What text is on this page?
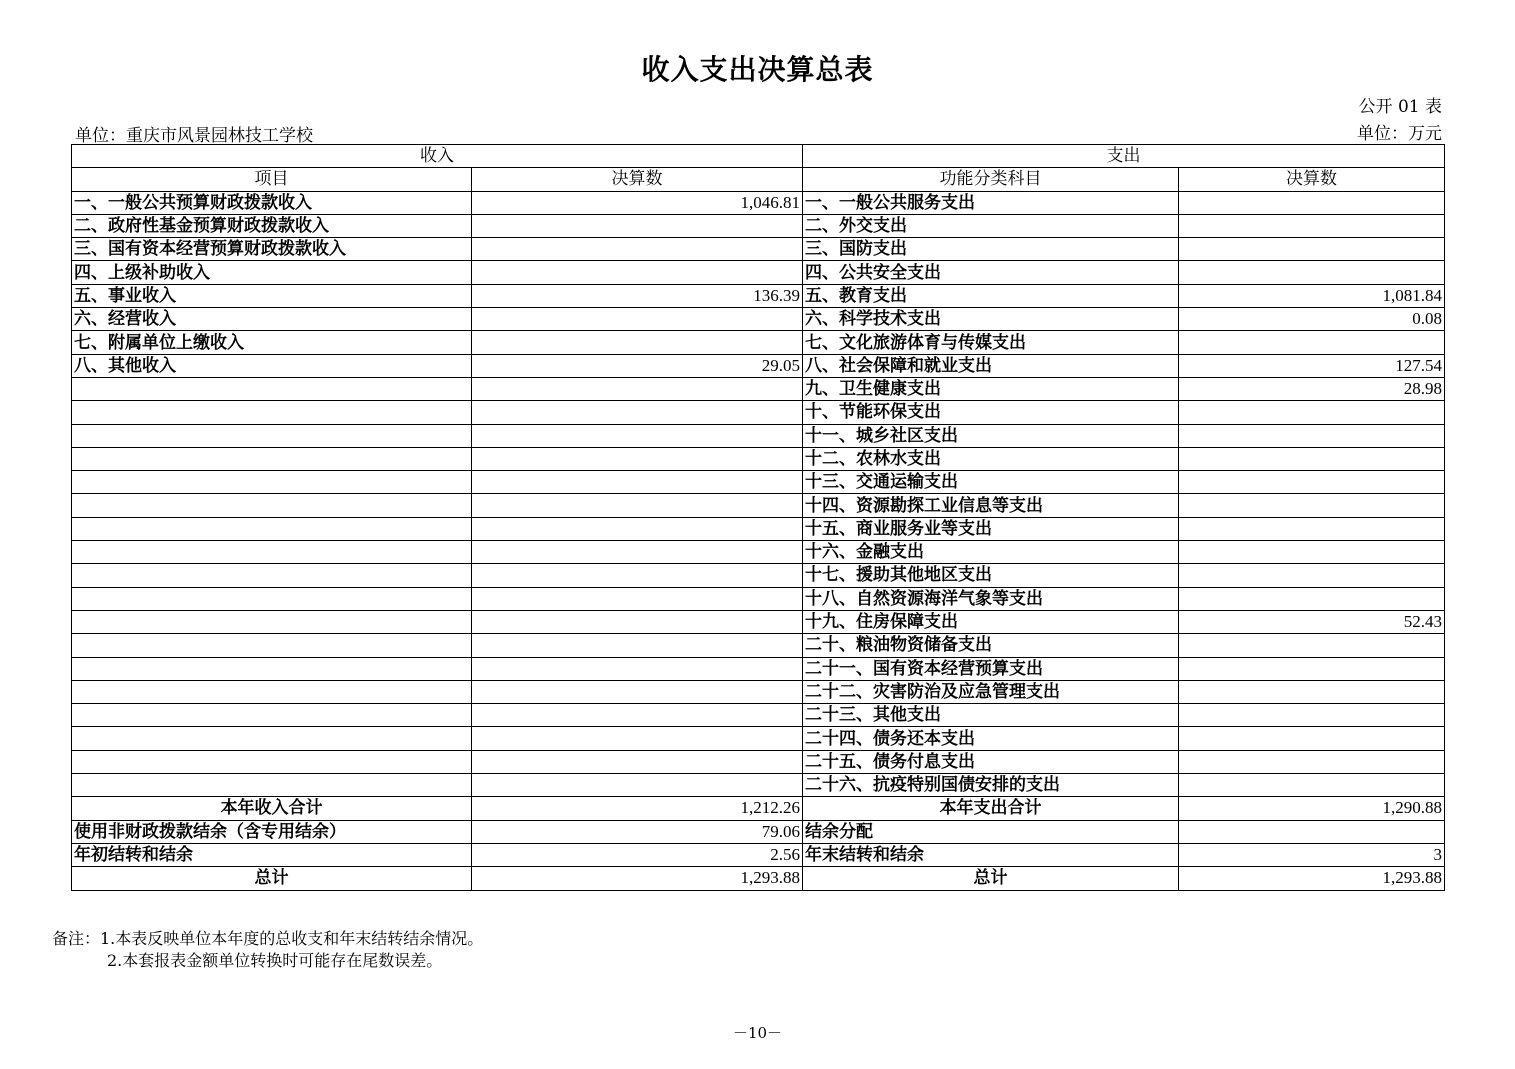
收入支出决算总表
公开 01 表
单位：重庆市风景园林技工学校	单位：万元
收入		支出	
项目	决算数	功能分类科目	决算数
一、一般公共预算财政拨款收入	1,046.81	一、一般公共服务支出	
二、政府性基金预算财政拨款收入		二、外交支出	
三、国有资本经营预算财政拨款收入		三、国防支出	
四、上级补助收入		四、公共安全支出	
五、事业收入	136.39	五、教育支出	1,081.84
六、经营收入		六、科学技术支出	0.08
七、附属单位上缴收入		七、文化旅游体育与传媒支出	
八、其他收入	29.05	八、社会保障和就业支出	127.54
		九、卫生健康支出	28.98
		十、节能环保支出	
		十一、城乡社区支出	
		十二、农林水支出	
		十三、交通运输支出	
		十四、资源勘探工业信息等支出	
		十五、商业服务业等支出	
		十六、金融支出	
		十七、援助其他地区支出	
		十八、自然资源海洋气象等支出	
		十九、住房保障支出	52.43
		二十、粮油物资储备支出	
		二十一、国有资本经营预算支出	
		二十二、灾害防治及应急管理支出	
		二十三、其他支出	
		二十四、债务还本支出	
		二十五、债务付息支出	
		二十六、抗疫特别国债安排的支出	
本年收入合计	1,212.26	本年支出合计	1,290.88
使用非财政拨款结余（含专用结余）	79.06	结余分配	
年初结转和结余	2.56	年末结转和结余	3
总计	1,293.88	总计	1,293.88
备注：1.本表反映单位本年度的总收支和年末结转结余情况。
2.本套报表金额单位转换时可能存在尾数误差。
－10－
